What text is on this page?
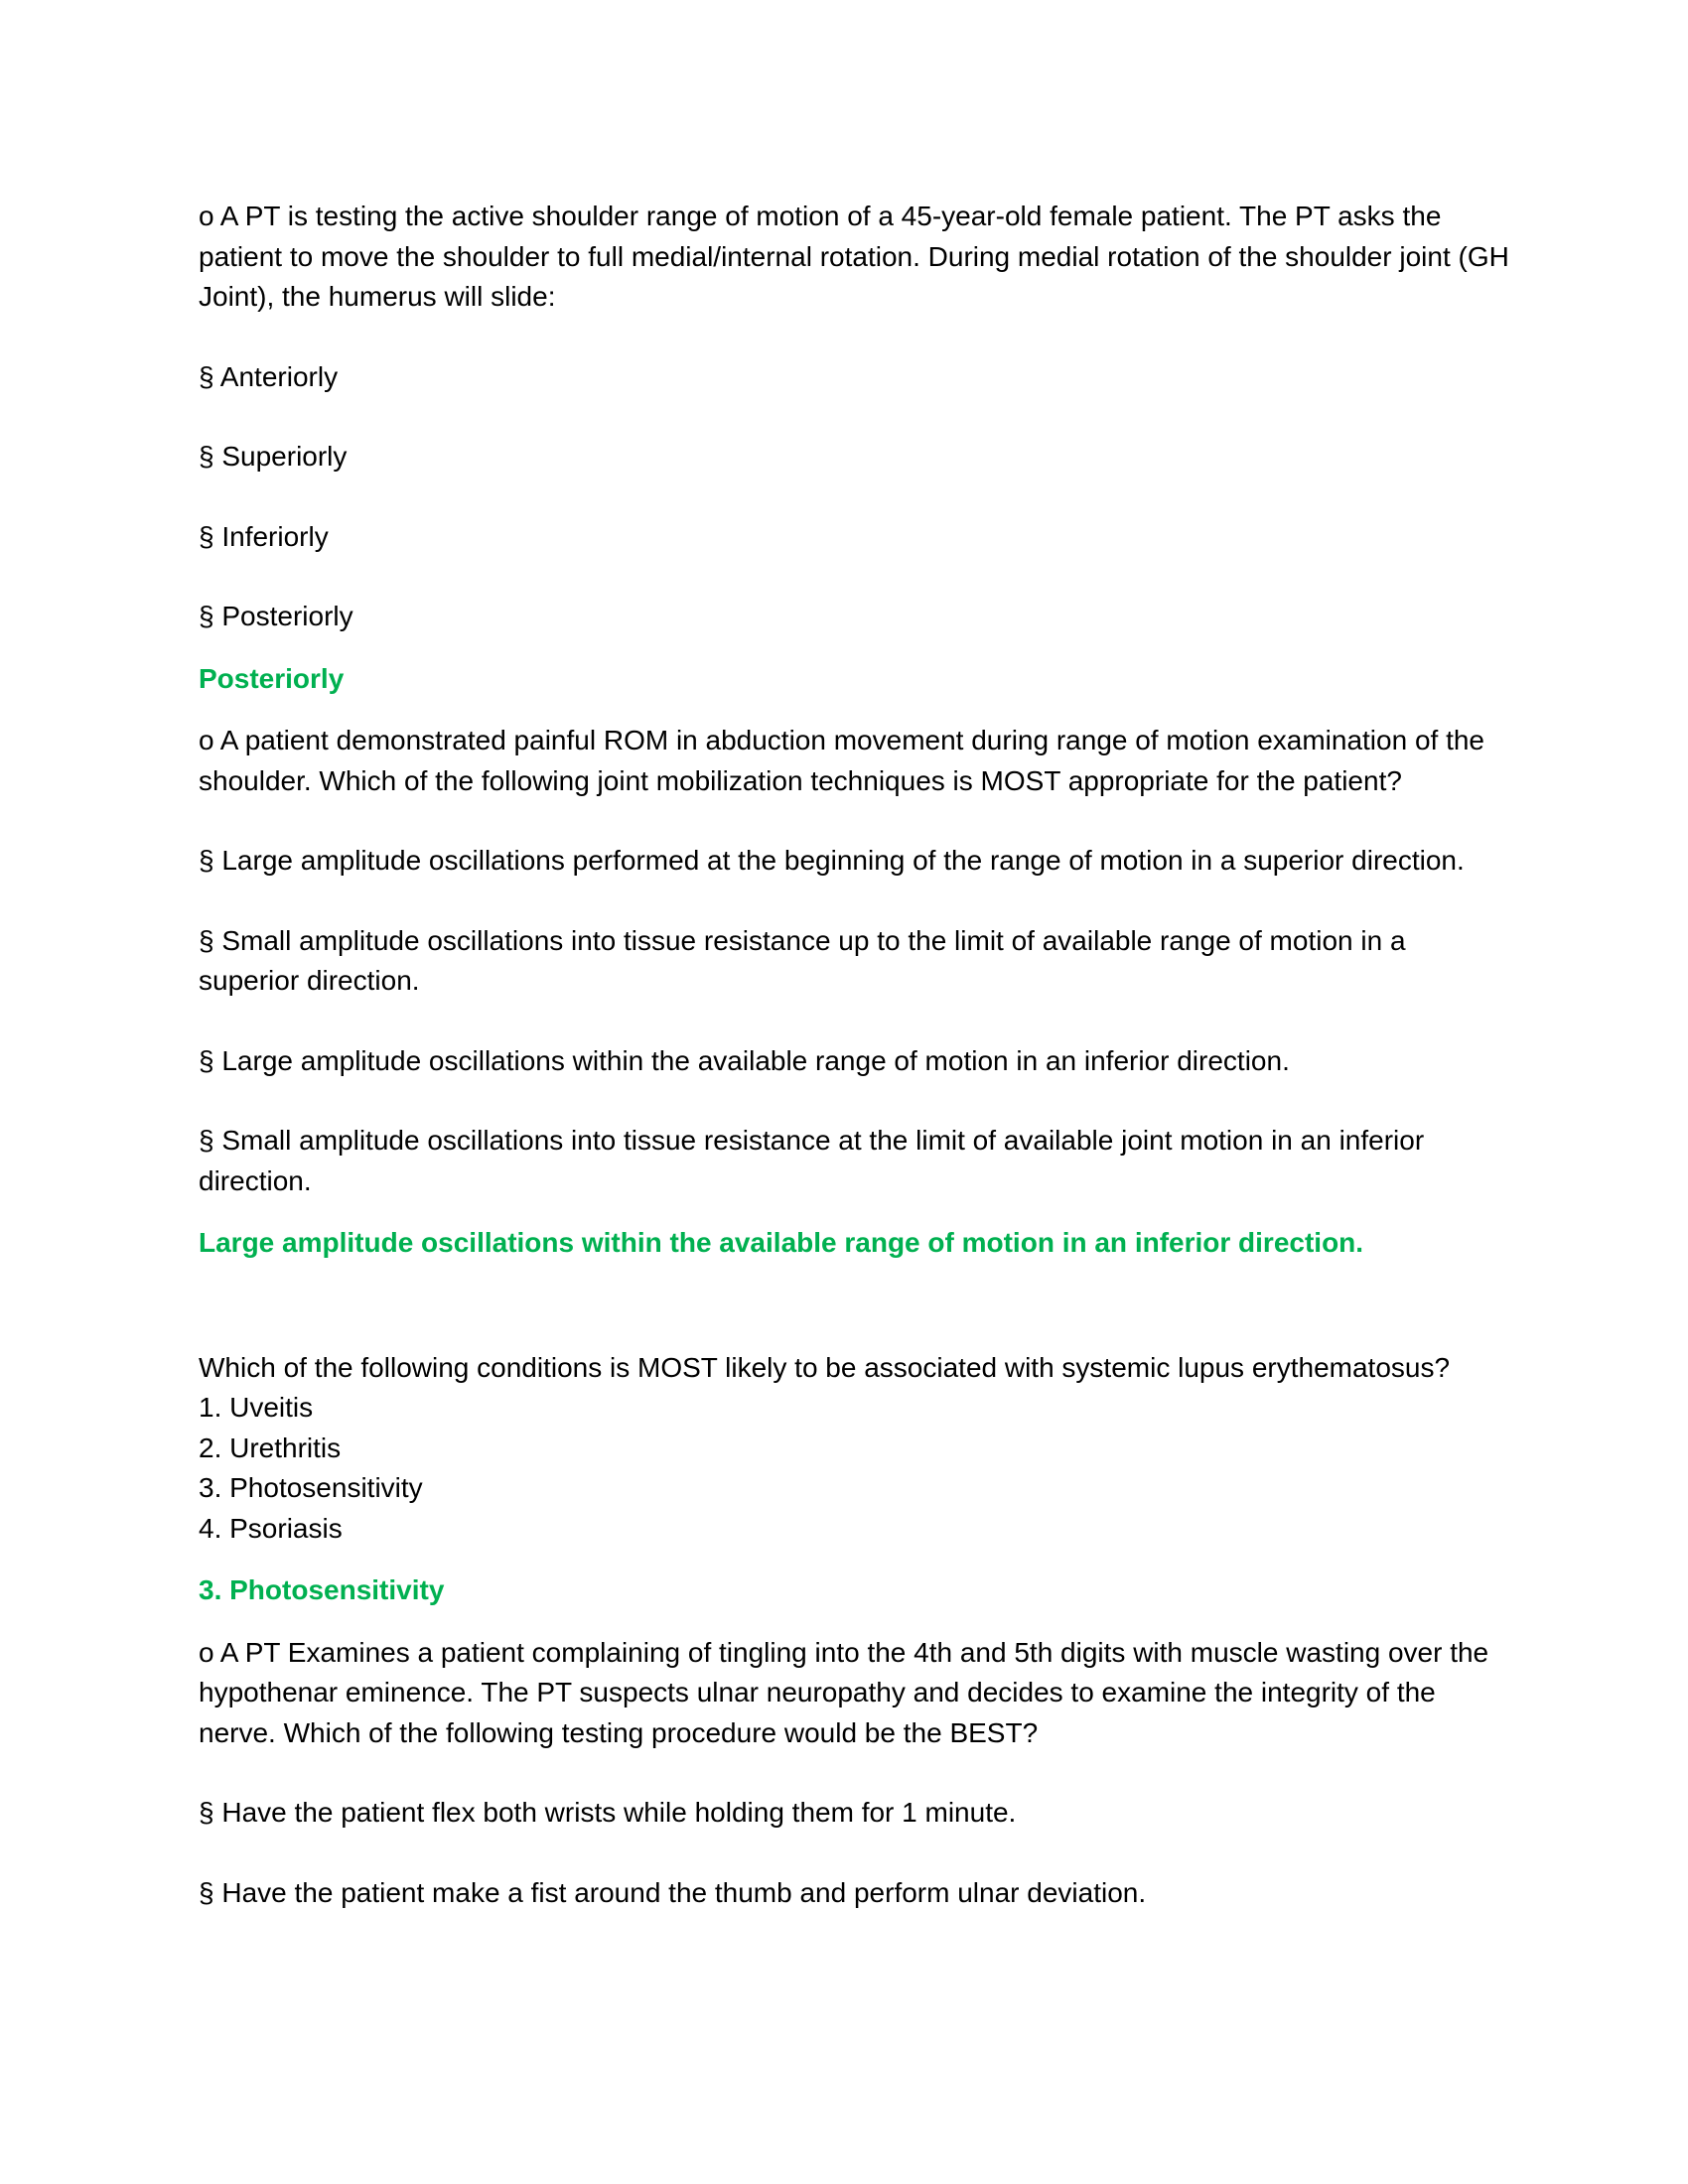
o A PT is testing the active shoulder range of motion of a 45-year-old female patient. The PT asks the patient to move the shoulder to full medial/internal rotation. During medial rotation of the shoulder joint (GH Joint), the humerus will slide:

§ Anteriorly

§ Superiorly

§ Inferiorly

§ Posteriorly

Posteriorly

o A patient demonstrated painful ROM in abduction movement during range of motion examination of the shoulder. Which of the following joint mobilization techniques is MOST appropriate for the patient?

§ Large amplitude oscillations performed at the beginning of the range of motion in a superior direction.

§ Small amplitude oscillations into tissue resistance up to the limit of available range of motion in a superior direction.

§ Large amplitude oscillations within the available range of motion in an inferior direction.

§ Small amplitude oscillations into tissue resistance at the limit of available joint motion in an inferior direction.

Large amplitude oscillations within the available range of motion in an inferior direction.

Which of the following conditions is MOST likely to be associated with systemic lupus erythematosus?

1. Uveitis

2. Urethritis

3. Photosensitivity

4. Psoriasis

3. Photosensitivity

o A PT Examines a patient complaining of tingling into the 4th and 5th digits with muscle wasting over the hypothenar eminence. The PT suspects ulnar neuropathy and decides to examine the integrity of the nerve. Which of the following testing procedure would be the BEST?

§ Have the patient flex both wrists while holding them for 1 minute.

§ Have the patient make a fist around the thumb and perform ulnar deviation.
